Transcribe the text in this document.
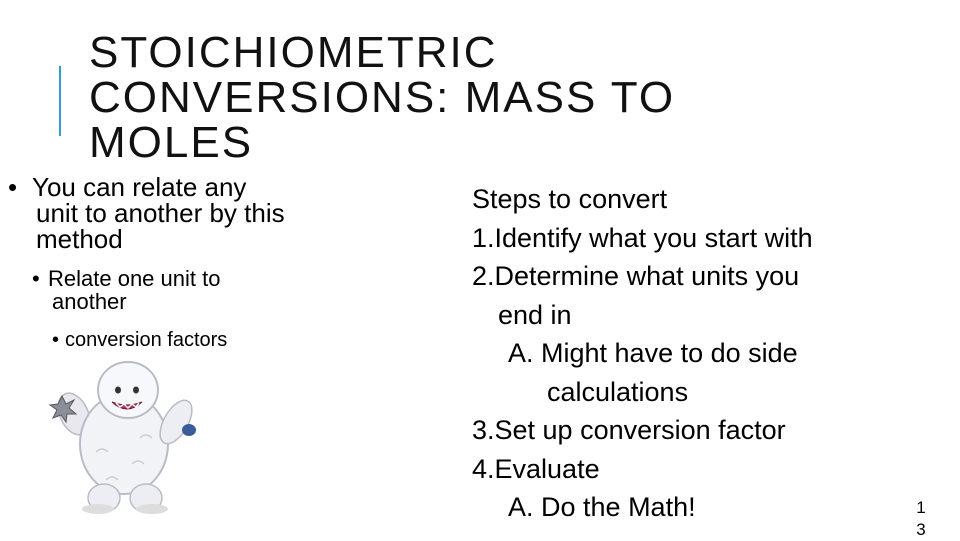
STOICHIOMETRIC
CONVERSIONS: MASS TO
MOLES
• You can relate any
unit to another by this
method
• Relate one unit to
another
• conversion factors
Steps to convert
1.Identify what you start with
2.Determine what units you
end in
A. Might have to do side
calculations
3.Set up conversion factor
4.Evaluate
A. Do the Math!	1
3
